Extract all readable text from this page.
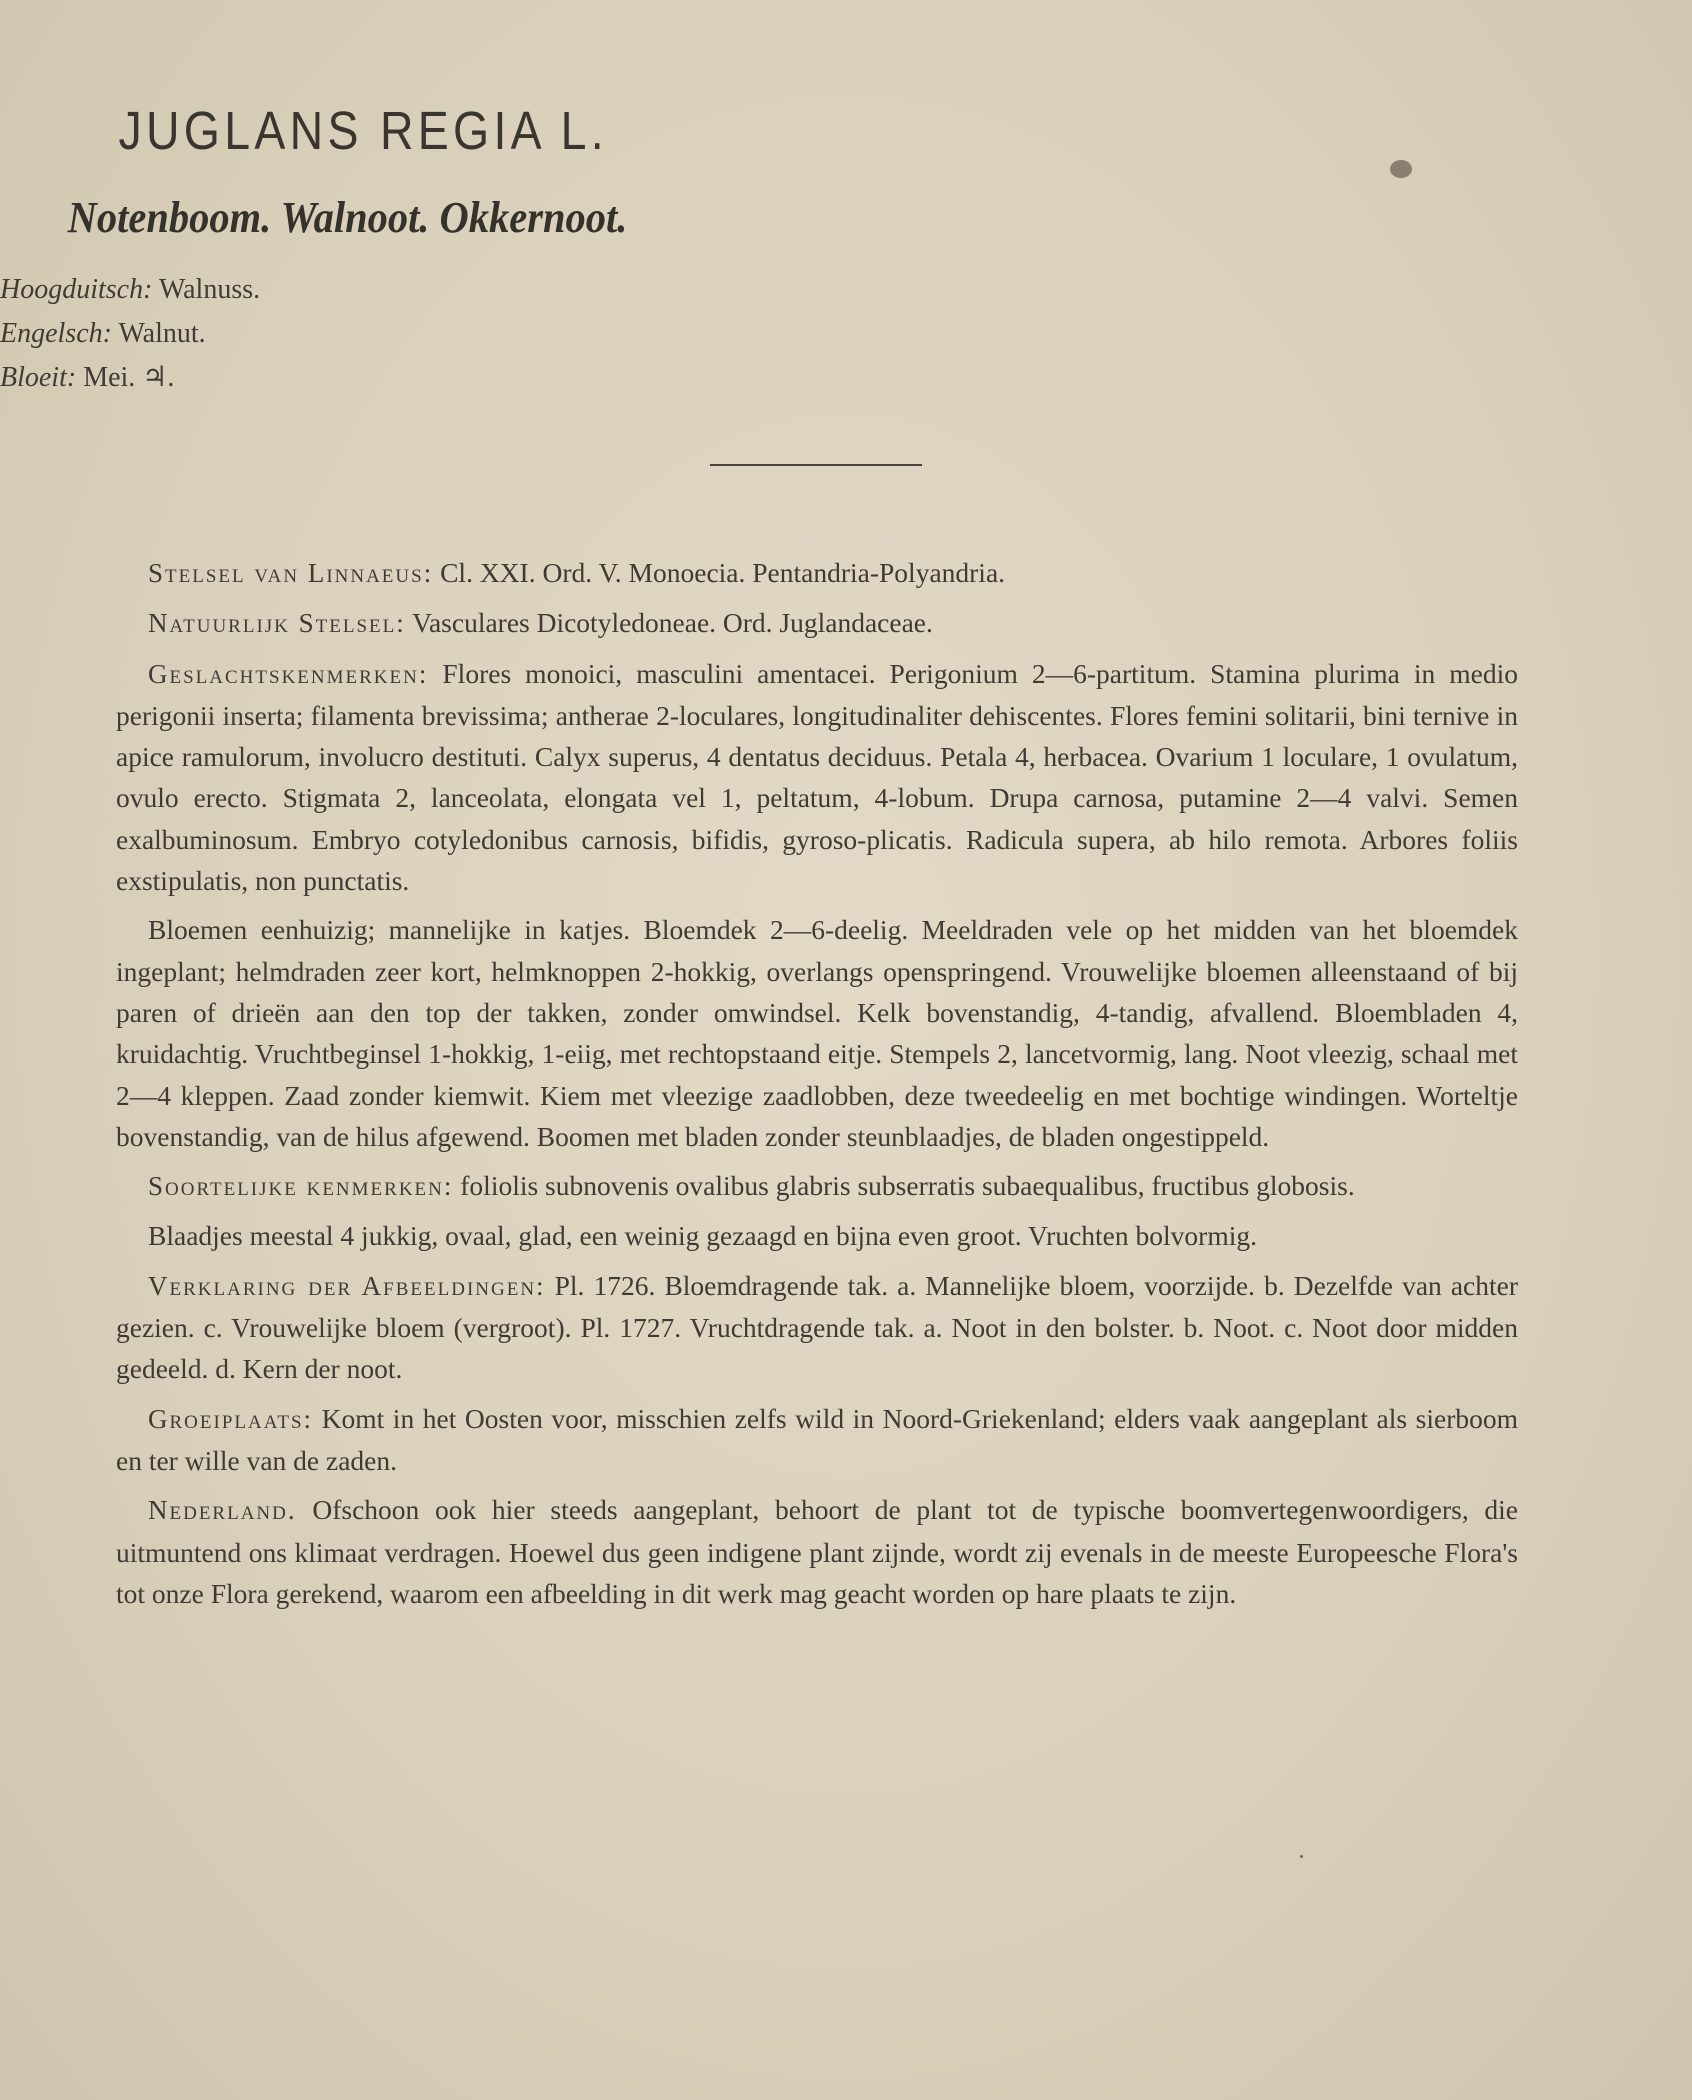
JUGLANS REGIA L.
Notenboom. Walnoot. Okkernoot.
Hoogduitsch: Walnuss.
Engelsch: Walnut.
Bloeit: Mei. ♃.

Stelsel van Linnaeus: Cl. XXI. Ord. V. Monoecia. Pentandria-Polyandria.

Natuurlijk Stelsel: Vasculares Dicotyledoneae. Ord. Juglandaceae.

Geslachtskenmerken: Flores monoici, masculini amentacei. Perigonium 2—6-partitum. Stamina plurima in medio perigonii inserta; filamenta brevissima; antherae 2-loculares, longitudinaliter dehiscentes. Flores femini solitarii, bini ternive in apice ramulorum, involucro destituti. Calyx superus, 4 dentatus deciduus. Petala 4, herbacea. Ovarium 1 loculare, 1 ovulatum, ovulo erecto. Stigmata 2, lanceolata, elongata vel 1, peltatum, 4-lobum. Drupa carnosa, putamine 2—4 valvi. Semen exalbuminosum. Embryo cotyledonibus carnosis, bifidis, gyroso-plicatis. Radicula supera, ab hilo remota. Arbores foliis exstipulatis, non punctatis.

Bloemen eenhuizig; mannelijke in katjes. Bloemdek 2—6-deelig. Meeldraden vele op het midden van het bloemdek ingeplant; helmdraden zeer kort, helmknoppen 2-hokkig, overlangs openspringend. Vrouwelijke bloemen alleenstaand of bij paren of drieën aan den top der takken, zonder omwindsel. Kelk bovenstandig, 4-tandig, afvallend. Bloembladen 4, kruidachtig. Vruchtbeginsel 1-hokkig, 1-eiig, met rechtopstaand eitje. Stempels 2, lancetvormig, lang. Noot vleezig, schaal met 2—4 kleppen. Zaad zonder kiemwit. Kiem met vleezige zaadlobben, deze tweedeelig en met bochtige windingen. Worteltje bovenstandig, van de hilus afgewend. Boomen met bladen zonder steunblaadjes, de bladen ongestippeld.

Soortelijke kenmerken: foliolis subnovenis ovalibus glabris subserratis subaequalibus, fructibus globosis.

Blaadjes meestal 4 jukkig, ovaal, glad, een weinig gezaagd en bijna even groot. Vruchten bolvormig.

Verklaring der Afbeeldingen: Pl. 1726. Bloemdragende tak. a. Mannelijke bloem, voorzijde. b. Dezelfde van achter gezien. c. Vrouwelijke bloem (vergroot). Pl. 1727. Vruchtdragende tak. a. Noot in den bolster. b. Noot. c. Noot door midden gedeeld. d. Kern der noot.

Groeiplaats: Komt in het Oosten voor, misschien zelfs wild in Noord-Griekenland; elders vaak aangeplant als sierboom en ter wille van de zaden.

Nederland. Ofschoon ook hier steeds aangeplant, behoort de plant tot de typische boomvertegenwoordigers, die uitmuntend ons klimaat verdragen. Hoewel dus geen indigene plant zijnde, wordt zij evenals in de meeste Europeesche Flora's tot onze Flora gerekend, waarom een afbeelding in dit werk mag geacht worden op hare plaats te zijn.
